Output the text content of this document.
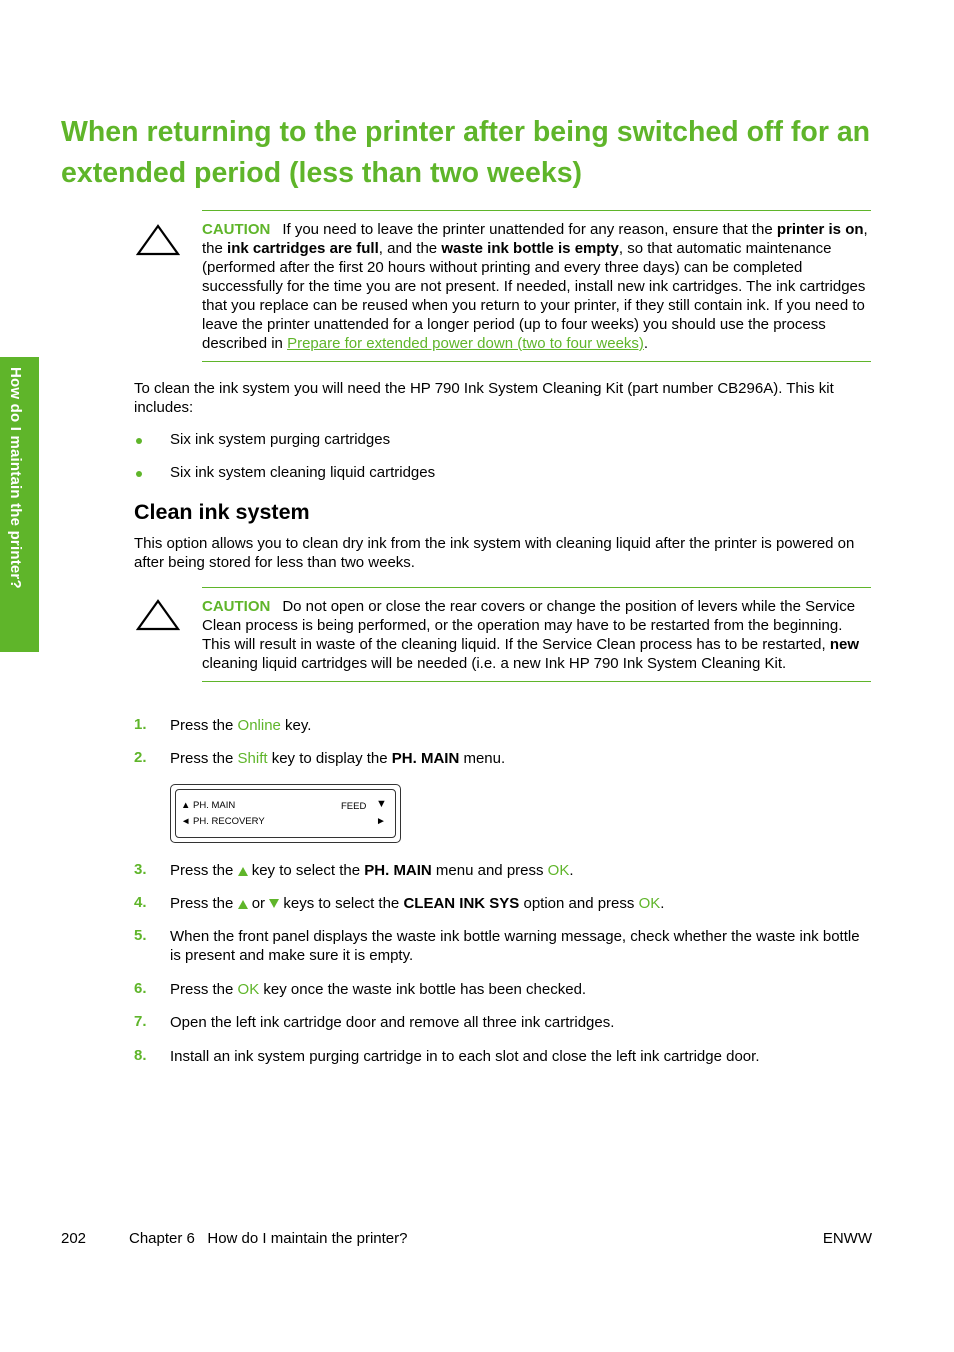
When returning to the printer after being switched off for an extended period (less than two weeks)
How do I maintain the printer?
CAUTION If you need to leave the printer unattended for any reason, ensure that the printer is on, the ink cartridges are full, and the waste ink bottle is empty, so that automatic maintenance (performed after the first 20 hours without printing and every three days) can be completed successfully for the time you are not present. If needed, install new ink cartridges. The ink cartridges that you replace can be reused when you return to your printer, if they still contain ink. If you need to leave the printer unattended for a longer period (up to four weeks) you should use the process described in Prepare for extended power down (two to four weeks).

To clean the ink system you will need the HP 790 Ink System Cleaning Kit (part number CB296A). This kit includes:

Six ink system purging cartridges
Six ink system cleaning liquid cartridges
Clean ink system

This option allows you to clean dry ink from the ink system with cleaning liquid after the printer is powered on after being stored for less than two weeks.

CAUTION Do not open or close the rear covers or change the position of levers while the Service Clean process is being performed, or the operation may have to be restarted from the beginning. This will result in waste of the cleaning liquid. If the Service Clean process has to be restarted, new cleaning liquid cartridges will be needed (i.e. a new Ink HP 790 Ink System Cleaning Kit.
1. Press the Online key.
2. Press the Shift key to display the PH. MAIN menu.
▲ PH. MAIN	FEED ▼
◄ PH. RECOVERY	►
3. Press the  key to select the PH. MAIN menu and press OK.
4. Press the  or  keys to select the CLEAN INK SYS option and press OK.
5. When the front panel displays the waste ink bottle warning message, check whether the waste ink bottle is present and make sure it is empty.
6. Press the OK key once the waste ink bottle has been checked.
7. Open the left ink cartridge door and remove all three ink cartridges.
8. Install an ink system purging cartridge in to each slot and close the left ink cartridge door.
202	Chapter 6   How do I maintain the printer?	ENWW
